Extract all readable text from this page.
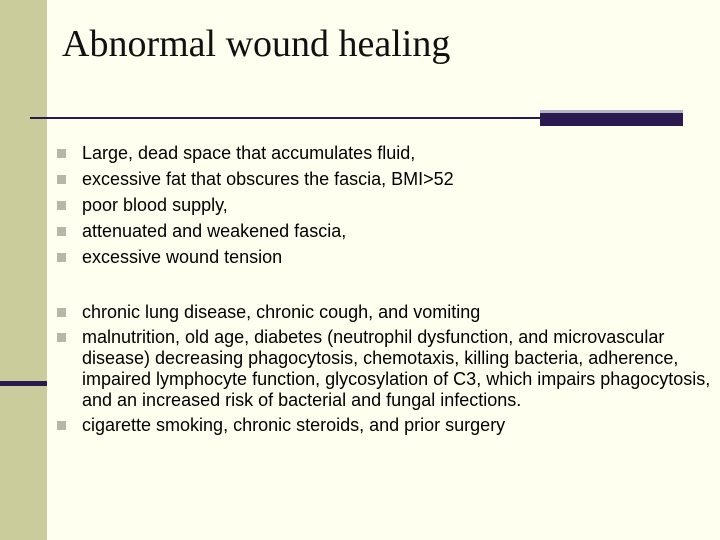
Abnormal wound healing
Large, dead space that accumulates fluid,
excessive fat that obscures the fascia, BMI>52
poor blood supply,
attenuated and weakened fascia,
excessive wound tension
chronic lung disease, chronic cough, and vomiting
malnutrition, old age, diabetes (neutrophil dysfunction, and microvascular disease) decreasing phagocytosis, chemotaxis, killing bacteria, adherence, impaired lymphocyte function, glycosylation of C3, which impairs phagocytosis, and an increased risk of bacterial and fungal infections.
cigarette smoking, chronic steroids, and prior surgery
